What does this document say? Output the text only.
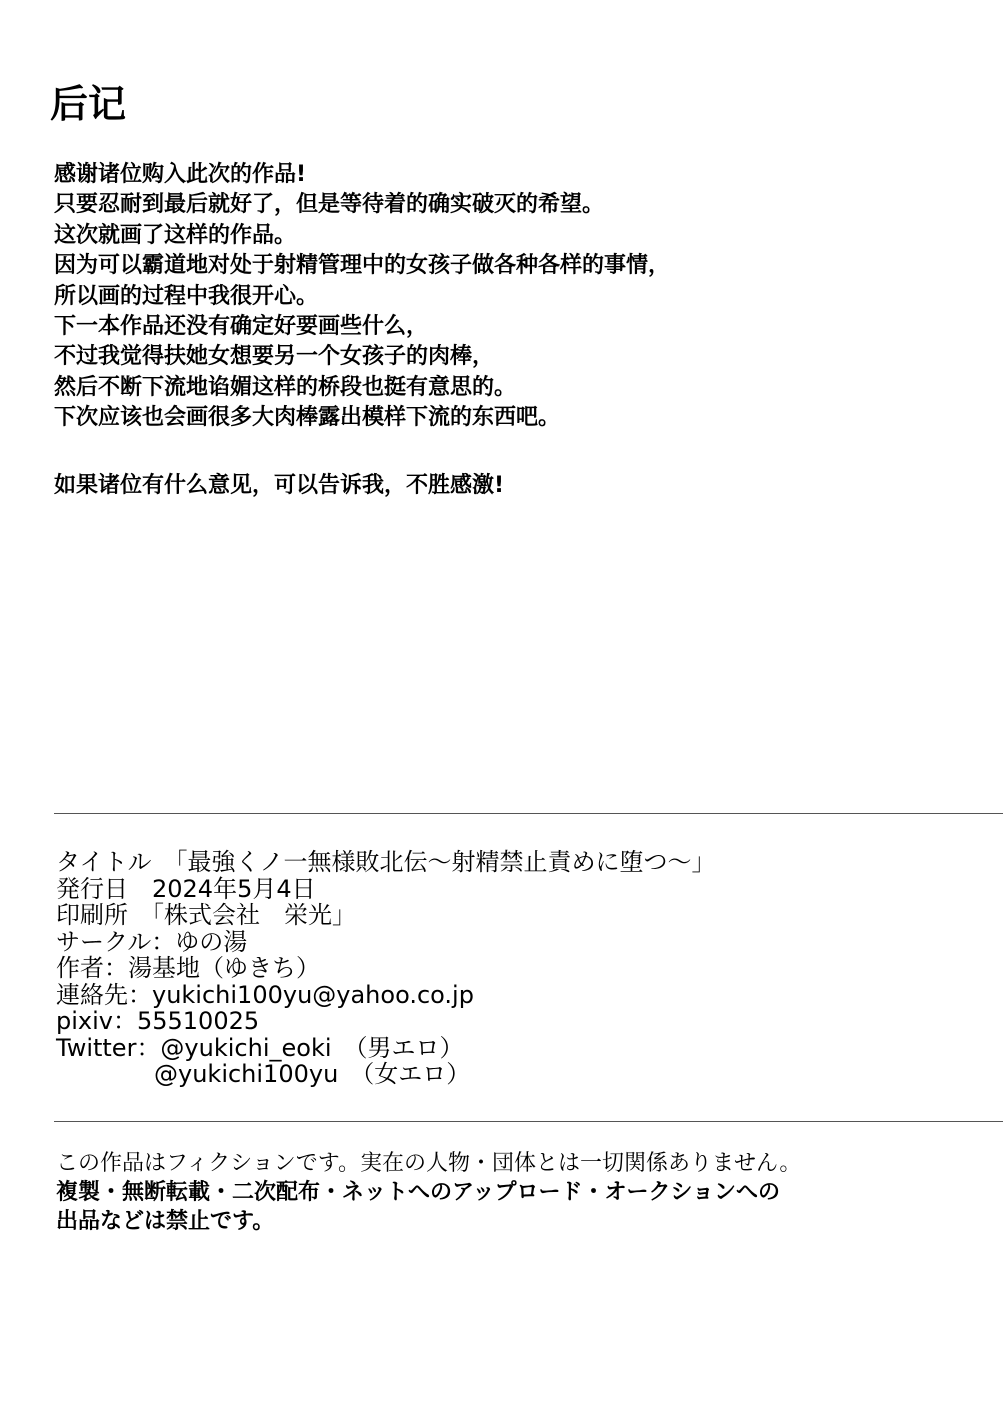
后记
感谢诸位购入此次的作品!
只要忍耐到最后就好了，但是等待着的确实破灭的希望。
这次就画了这样的作品。
因为可以霸道地对处于射精管理中的女孩子做各种各样的事情，
所以画的过程中我很开心。
下一本作品还没有确定好要画些什么，
不过我觉得扶她女想要另一个女孩子的肉棒，
然后不断下流地谄媚这样的桥段也挺有意思的。
下次应该也会画很多大肉棒露出模样下流的东西吧。
如果诸位有什么意见，可以告诉我，不胜感激!
タイトル　「最強くノ一無様敗北伝～射精禁止責めに堕つ～」
発行日　2024年5月4日
印刷所　「株式会社　栄光」
サークル：ゆの湯
作者：湯基地（ゆきち）
連絡先：yukichi100yu@yahoo.co.jp
pixiv：55510025
Twitter：@yukichi_eoki　（男エロ）
@yukichi100yu　（女エロ）
この作品はフィクションです。実在の人物・団体とは一切関係ありません。
複製・無断転載・二次配布・ネットへのアップロード・オークションへの
出品などは禁止です。
